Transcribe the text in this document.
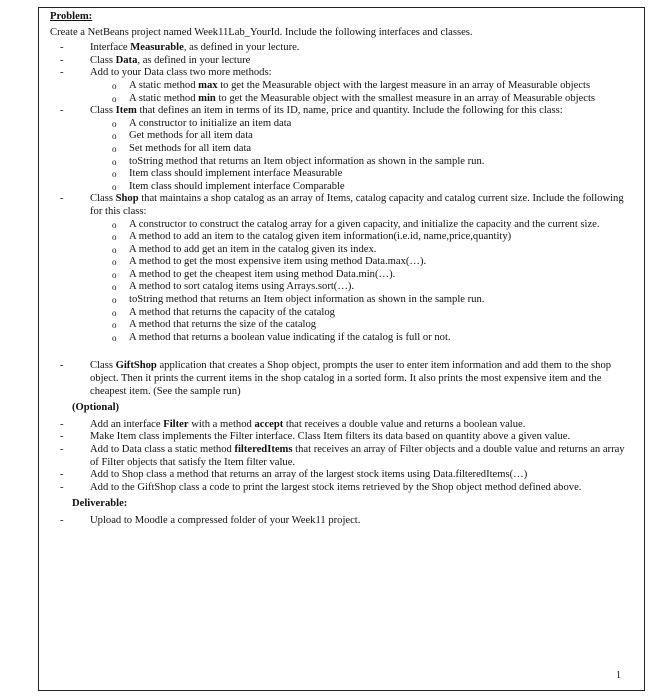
Problem:
Create a NetBeans project named Week11Lab_YourId. Include the following interfaces and classes.
- Interface Measurable, as defined in your lecture.
- Class Data, as defined in your lecture
- Add to your Data class two more methods:
o A static method max to get the Measurable object with the largest measure in an array of Measurable objects
o A static method min to get the Measurable object with the smallest measure in an array of Measurable objects
- Class Item that defines an item in terms of its ID, name, price and quantity. Include the following for this class:
o A constructor to initialize an item data
o Get methods for all item data
o Set methods for all item data
o toString method that returns an Item object information as shown in the sample run.
o Item class should implement interface Measurable
o Item class should implement interface Comparable
- Class Shop that maintains a shop catalog as an array of Items, catalog capacity and catalog current size. Include the following for this class:
o A constructor to construct the catalog array for a given capacity, and initialize the capacity and the current size.
o A method to add an item to the catalog given item information(i.e.id, name,price,quantity)
o A method to add get an item in the catalog given its index.
o A method to get the most expensive item using method Data.max(…).
o A method to get the cheapest item using method Data.min(…).
o A method to sort catalog items using Arrays.sort(…).
o toString method that returns an Item object information as shown in the sample run.
o A method that returns the capacity of the catalog
o A method that returns the size of the catalog
o A method that returns a boolean value indicating if the catalog is full or not.
- Class GiftShop application that creates a Shop object, prompts the user to enter item information and add them to the shop object. Then it prints the current items in the shop catalog in a sorted form. It also prints the most expensive item and the cheapest item. (See the sample run)
(Optional)
- Add an interface Filter with a method accept that receives a double value and returns a boolean value.
- Make Item class implements the Filter interface. Class Item filters its data based on quantity above a given value.
- Add to Data class a static method filteredItems that receives an array of Filter objects and a double value and returns an array of Filter objects that satisfy the Item filter value.
- Add to Shop class a method that returns an array of the largest stock items using Data.filteredItems(…)
- Add to the GiftShop class a code to print the largest stock items retrieved by the Shop object method defined above.
Deliverable:
- Upload to Moodle a compressed folder of your Week11 project.
1
